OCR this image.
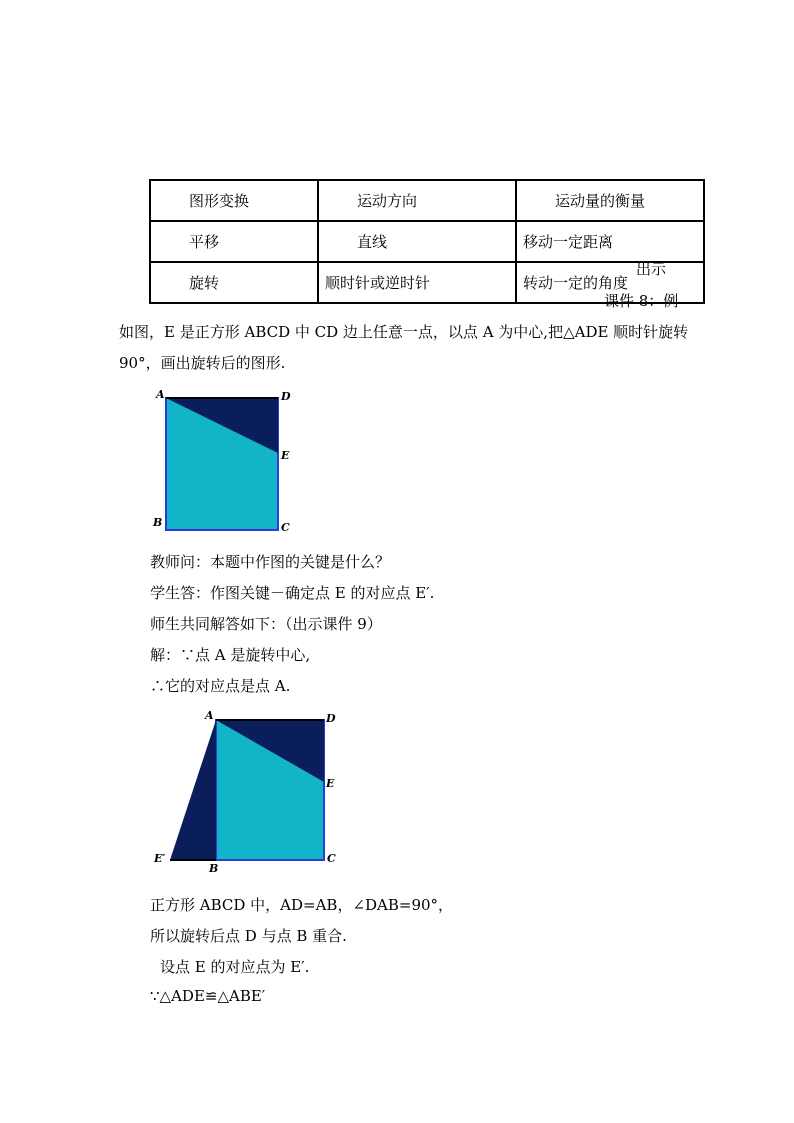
图形变换	运动方向	运动量的衡量
平移	直线	移动一定距离
旋转	顺时针或逆时针	转动一定的角度
出示
课件 8：例
如图，E 是正方形 ABCD 中 CD 边上任意一点，以点 A 为中心,把△ADE 顺时针旋转
90°，画出旋转后的图形.
A	D
E
B	C
教师问：本题中作图的关键是什么？
学生答：作图关键－确定点 E 的对应点 E′.
师生共同解答如下：（出示课件 9）
解：∵点 A 是旋转中心,
∴它的对应点是点 A.
A	D
E
E′
B
C
正方形 ABCD 中，AD=AB，∠DAB=90°，
所以旋转后点 D 与点 B 重合.
设点 E 的对应点为 E′.
∵△ADE≌△ABE′
